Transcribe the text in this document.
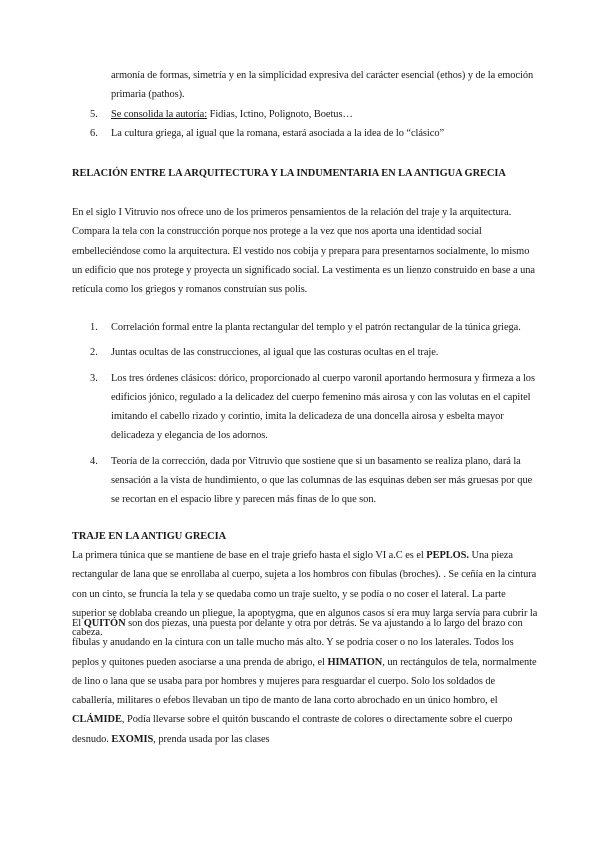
armonía de formas, simetría y en la simplicidad expresiva del carácter esencial (ethos) y de la emoción primaria (pathos).
5.	Se consolida la autoría: Fidias, Ictino, Polignoto, Boetus…
6.	La cultura griega, al igual que la romana, estará asociada a la idea de lo “clásico”
RELACIÓN ENTRE LA ARQUITECTURA Y LA INDUMENTARIA EN LA ANTIGUA GRECIA

En el siglo I Vitruvio nos ofrece uno de los primeros pensamientos de la relación del traje y la arquitectura. Compara la tela con la construcción porque nos protege a la vez que nos aporta una identidad social embelleciéndose como la arquitectura. El vestido nos cobija y prepara para presentarnos socialmente, lo mismo un edificio que nos protege y proyecta un significado social. La vestimenta es un lienzo construido en base a una retícula como los griegos y romanos construían sus polis.

1.	Correlación formal entre la planta rectangular del templo y el patrón rectangular de la túnica griega.
2.	Juntas ocultas de las construcciones, al igual que las costuras ocultas en el traje.
3.	Los tres órdenes clásicos: dórico, proporcionado al cuerpo varonil aportando hermosura y firmeza a los edificios jónico, regulado a la delicadez del cuerpo femenino más airosa y con las volutas en el capitel imitando el cabello rizado y corintio, imita la delicadeza de una doncella airosa y esbelta mayor delicadeza y elegancia de los adornos.
4.	Teoría de la corrección, dada por Vitruvio que sostiene que si un basamento se realiza plano, dará la sensación a la vista de hundimiento, o que las columnas de las esquinas deben ser más gruesas por que se recortan en el espacio libre y parecen más finas de lo que son.
TRAJE EN LA ANTIGU GRECIA

La primera túnica que se mantiene de base en el traje griefo hasta el siglo VI a.C es el PEPLOS. Una pieza rectangular de lana que se enrollaba al cuerpo, sujeta a los hombros con fíbulas (broches). . Se ceñía en la cintura con un cinto, se fruncía la tela y se quedaba como un traje suelto, y se podía o no coser el lateral. La parte superior se doblaba creando un pliegue, la apoptygma, que en algunos casos sí era muy larga servía para cubrir la cabeza.

El QUITÓN son dos piezas, una puesta por delante y otra por detrás. Se va ajustando a lo largo del brazo con fíbulas y anudando en la cintura con un talle mucho más alto. Y se podría coser o no los laterales. Todos los peplos y quitones pueden asociarse a una prenda de abrigo, el HIMATION, un rectángulos de tela, normalmente de lino o lana que se usaba para por hombres y mujeres para resguardar el cuerpo. Solo los soldados de caballería, militares o efebos llevaban un tipo de manto de lana corto abrochado en un único hombro, el CLÁMIDE, Podía llevarse sobre el quitón buscando el contraste de colores o directamente sobre el cuerpo desnudo. EXOMIS, prenda usada por las clases
